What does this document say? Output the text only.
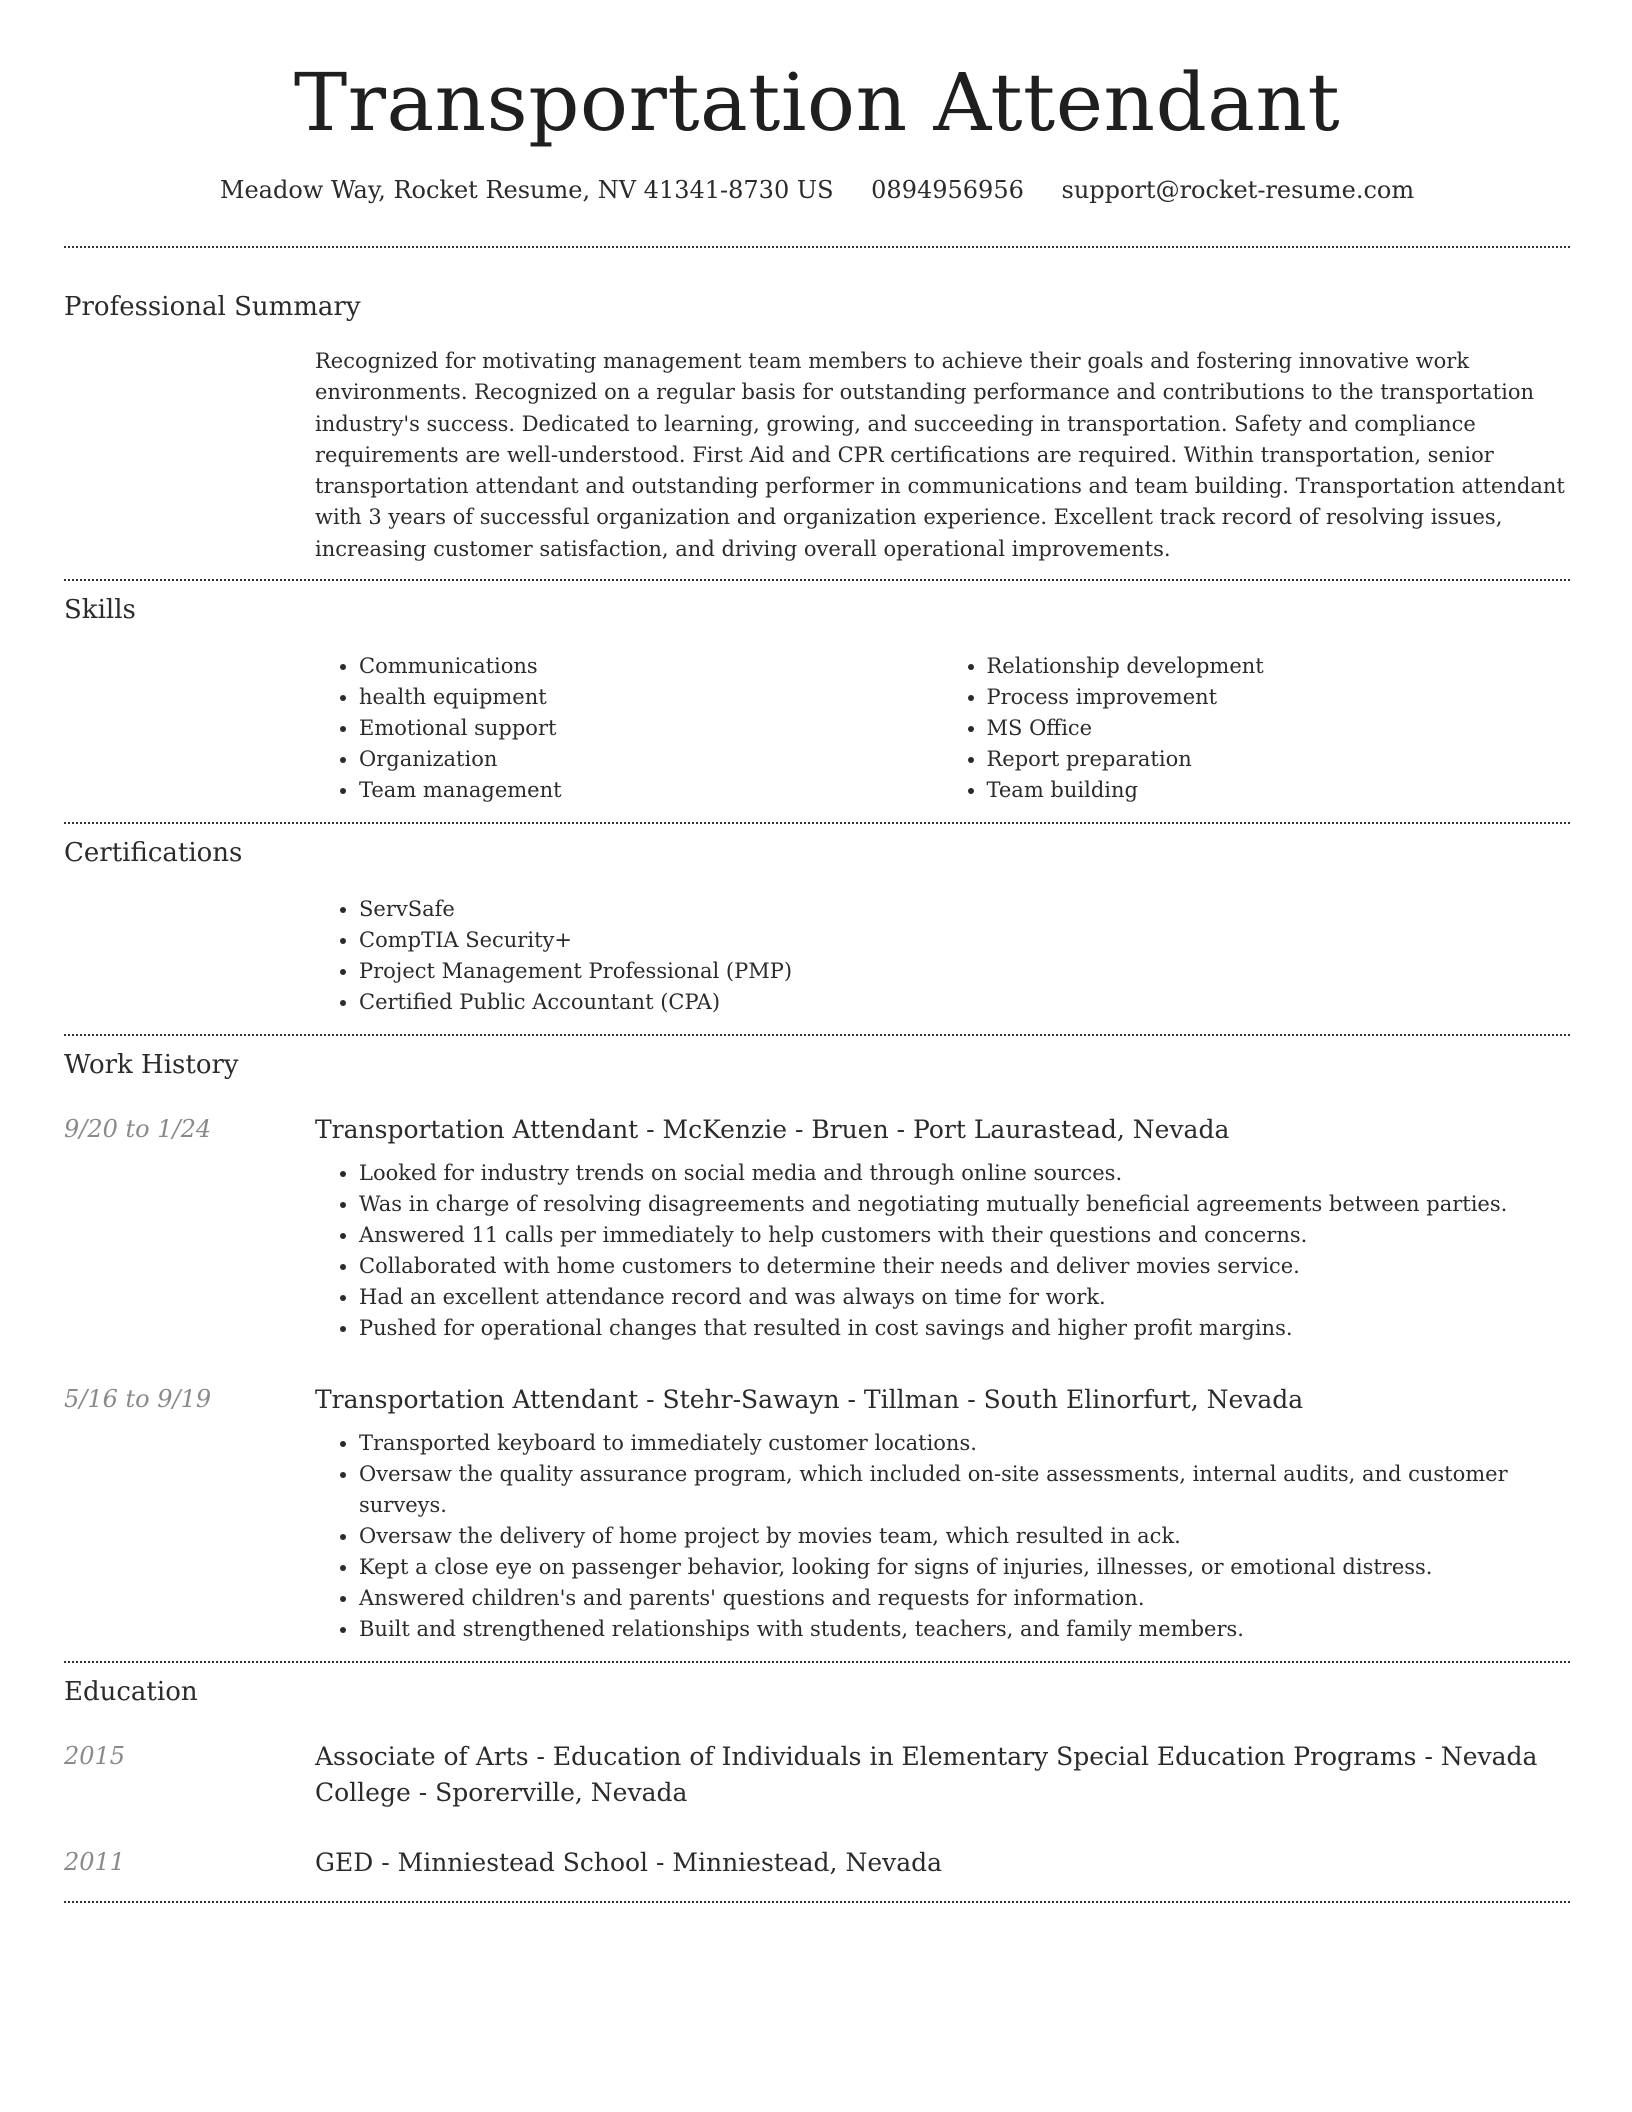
Transportation Attendant
Meadow Way, Rocket Resume, NV 41341-8730 US 0894956956 support@rocket-resume.com
Professional Summary
Recognized for motivating management team members to achieve their goals and fostering innovative work environments. Recognized on a regular basis for outstanding performance and contributions to the transportation industry's success. Dedicated to learning, growing, and succeeding in transportation. Safety and compliance requirements are well-understood. First Aid and CPR certifications are required. Within transportation, senior transportation attendant and outstanding performer in communications and team building. Transportation attendant with 3 years of successful organization and organization experience. Excellent track record of resolving issues, increasing customer satisfaction, and driving overall operational improvements.
Skills
• Communications
• health equipment
• Emotional support
• Organization
• Team management
• Relationship development
• Process improvement
• MS Office
• Report preparation
• Team building
Certifications
• ServSafe
• CompTIA Security+
• Project Management Professional (PMP)
• Certified Public Accountant (CPA)
Work History
9/20 to 1/24	Transportation Attendant - McKenzie - Bruen - Port Laurastead, Nevada
• Looked for industry trends on social media and through online sources.
• Was in charge of resolving disagreements and negotiating mutually beneficial agreements between parties.
• Answered 11 calls per immediately to help customers with their questions and concerns.
• Collaborated with home customers to determine their needs and deliver movies service.
• Had an excellent attendance record and was always on time for work.
• Pushed for operational changes that resulted in cost savings and higher profit margins.
5/16 to 9/19	Transportation Attendant - Stehr-Sawayn - Tillman - South Elinorfurt, Nevada
• Transported keyboard to immediately customer locations.
• Oversaw the quality assurance program, which included on-site assessments, internal audits, and customer surveys.
• Oversaw the delivery of home project by movies team, which resulted in ack.
• Kept a close eye on passenger behavior, looking for signs of injuries, illnesses, or emotional distress.
• Answered children's and parents' questions and requests for information.
• Built and strengthened relationships with students, teachers, and family members.
Education
2015	Associate of Arts - Education of Individuals in Elementary Special Education Programs - Nevada College - Sporerville, Nevada
2011	GED - Minniestead School - Minniestead, Nevada
